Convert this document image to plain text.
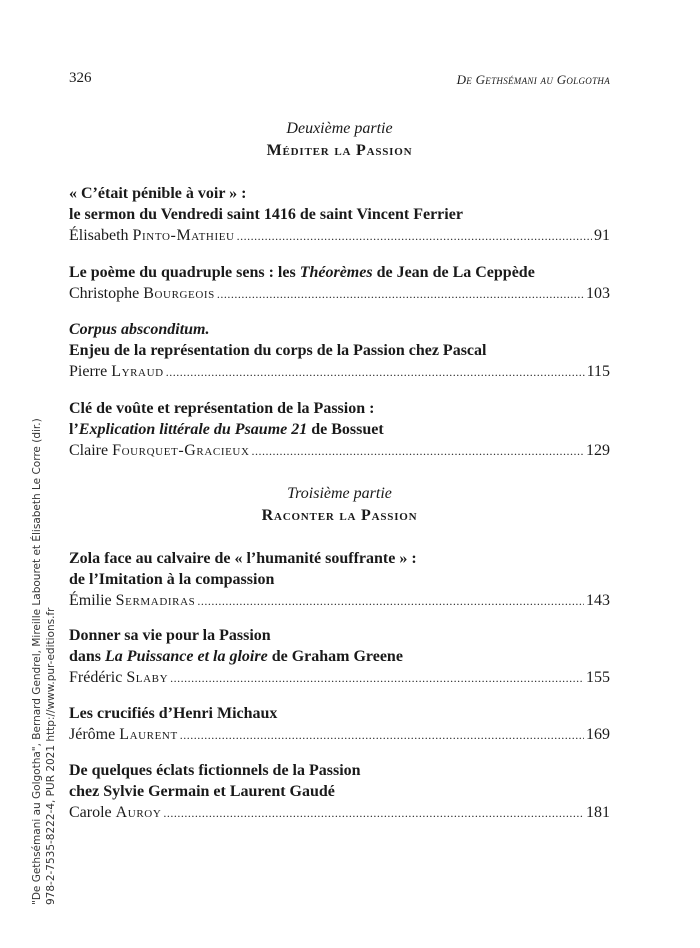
326	De Gethsémani au Golgotha
Deuxième partie
Méditer la Passion
« C’était pénible à voir » :
le sermon du Vendredi saint 1416 de saint Vincent Ferrier
Élisabeth Pinto-Mathieu .....	91
Le poème du quadruple sens : les Théorèmes de Jean de La Ceppède
Christophe Bourgeois .....	103
Corpus absconditum.
Enjeu de la représentation du corps de la Passion chez Pascal
Pierre Lyraud .....	115
Clé de voûte et représentation de la Passion :
l’Explication littérale du Psaume 21 de Bossuet
Claire Fourquet-Gracieux .....	129
Troisième partie
Raconter la Passion
Zola face au calvaire de « l’humanité souffrante » :
de l’Imitation à la compassion
Émilie Sermadiras .....	143
Donner sa vie pour la Passion
dans La Puissance et la gloire de Graham Greene
Frédéric Slaby .....	155
Les crucifiés d’Henri Michaux
Jérôme Laurent .....	169
De quelques éclats fictionnels de la Passion
chez Sylvie Germain et Laurent Gaudé
Carole Auroy .....	181
"De Gethsémani au Golgotha", Bernard Gendrel, Mireille Labouret et Élisabeth Le Corre (dir.) 978-2-7535-8222-4, PUR 2021 http://www.pur-editions.fr
